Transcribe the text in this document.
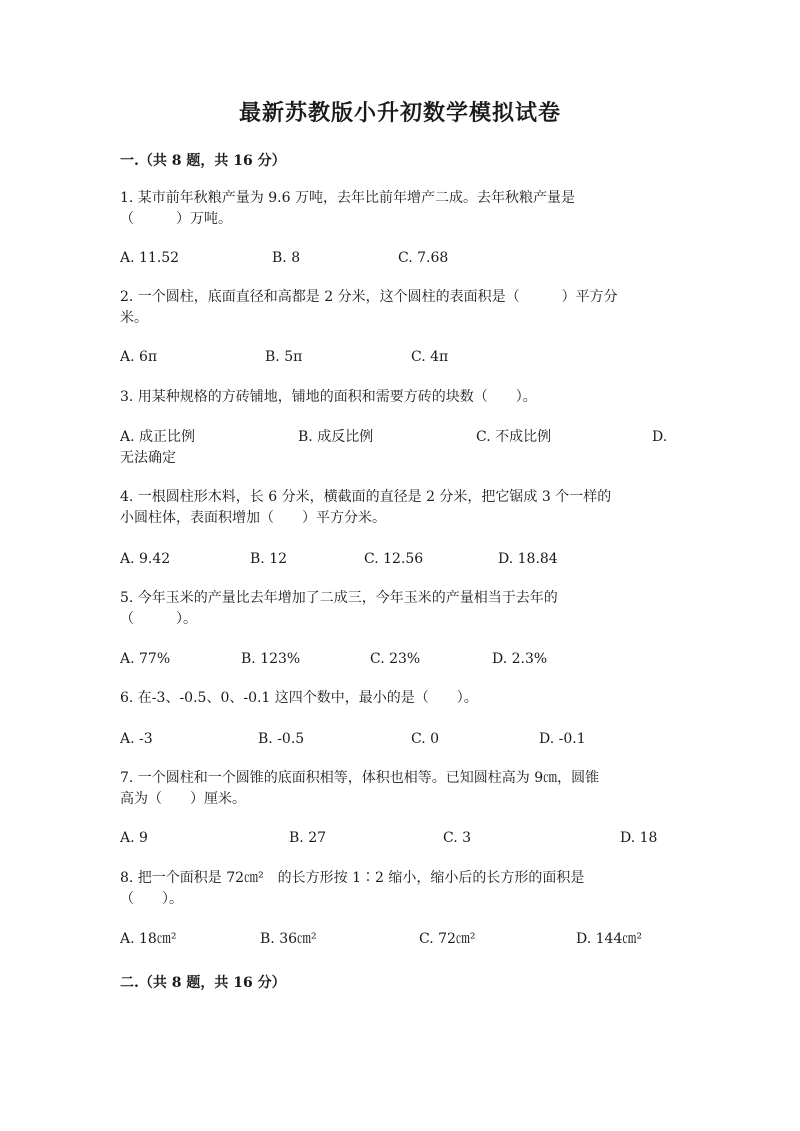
最新苏教版小升初数学模拟试卷
一.（共 8 题，共 16 分）
1. 某市前年秋粮产量为 9.6 万吨，去年比前年增产二成。去年秋粮产量是
（　　　）万吨。
A. 11.52	B. 8	C. 7.68
2. 一个圆柱，底面直径和高都是 2 分米，这个圆柱的表面积是（　　　）平方分
米。
A. 6π	B. 5π	C. 4π
3. 用某种规格的方砖铺地，铺地的面积和需要方砖的块数（　　）。
A. 成正比例	B. 成反比例	C. 不成比例	D.
无法确定
4. 一根圆柱形木料，长 6 分米，横截面的直径是 2 分米，把它锯成 3 个一样的
小圆柱体，表面积增加（　　）平方分米。
A. 9.42	B. 12	C. 12.56	D. 18.84
5. 今年玉米的产量比去年增加了二成三，今年玉米的产量相当于去年的
（　　　）。
A. 77%	B. 123%	C. 23%	D. 2.3%
6. 在-3、-0.5、0、-0.1 这四个数中，最小的是（　　）。
A. -3	B. -0.5	C. 0	D. -0.1
7. 一个圆柱和一个圆锥的底面积相等，体积也相等。已知圆柱高为 9㎝，圆锥
高为（　　）厘米。
A. 9	B. 27	C. 3	D. 18
8. 把一个面积是 72㎝²　的长方形按 1∶2 缩小，缩小后的长方形的面积是
（　　）。
A. 18㎝²	B. 36㎝²	C. 72㎝²	D. 144㎝²
二.（共 8 题，共 16 分）
